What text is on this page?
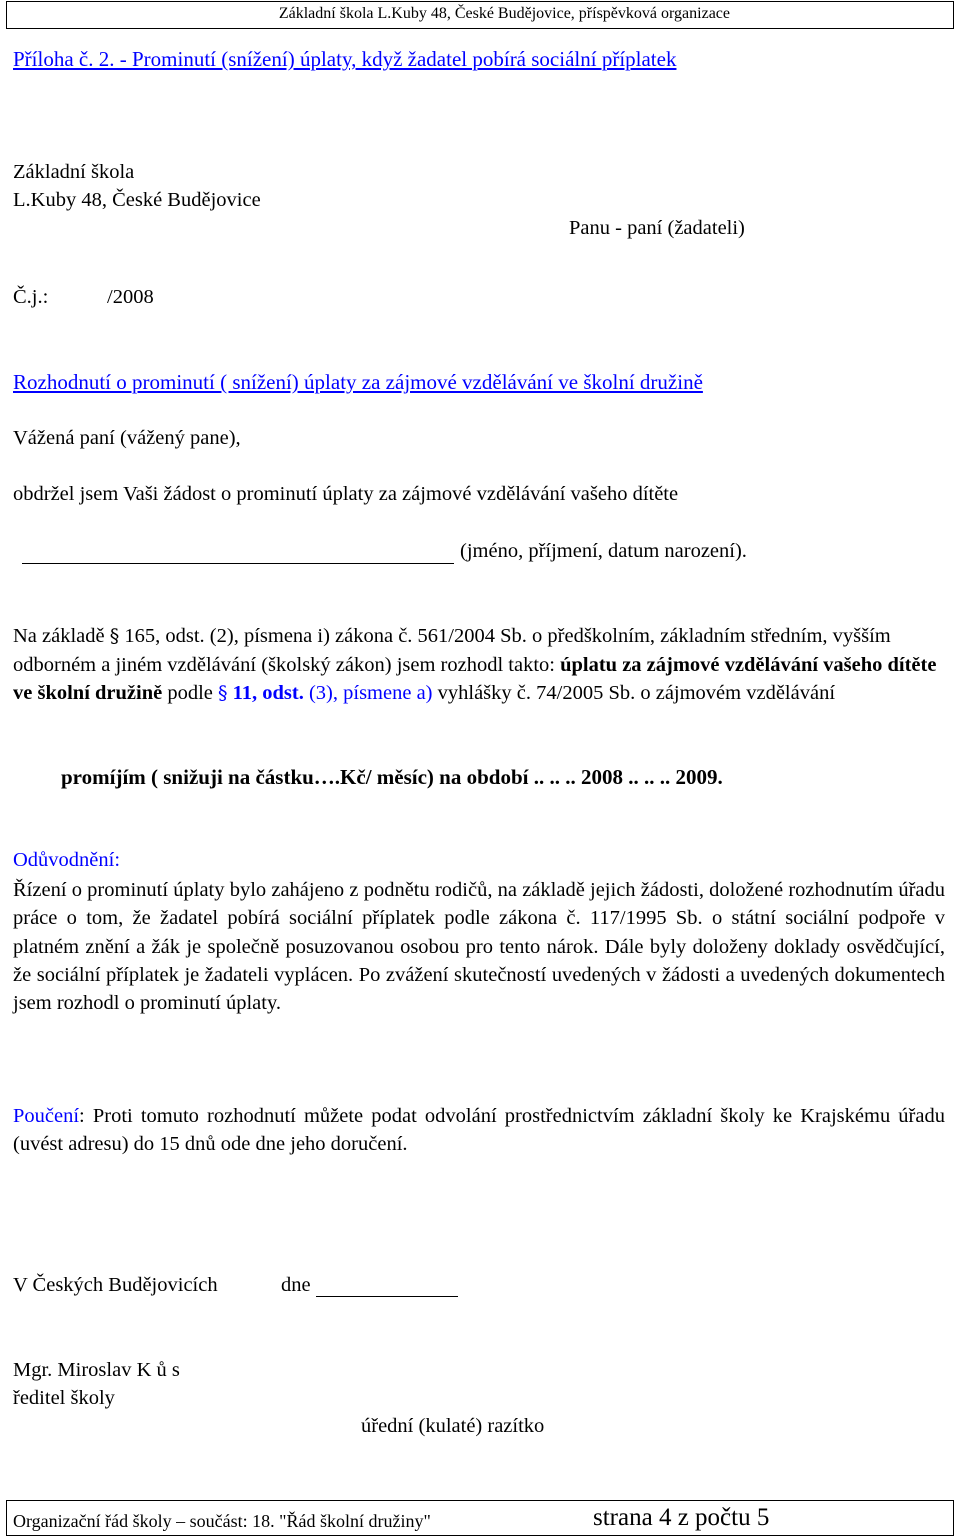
Základní škola L.Kuby 48, České Budějovice, příspěvková organizace
Příloha č. 2. - Prominutí (snížení) úplaty, když žadatel pobírá sociální příplatek
Základní škola
L.Kuby 48, České Budějovice
Panu - paní (žadateli)
Č.j.:	/2008
Rozhodnutí o prominutí ( snížení) úplaty za zájmové vzdělávání ve školní družině
Vážená paní (vážený pane),
obdržel jsem Vaši žádost o prominutí úplaty za zájmové vzdělávání vašeho dítěte
(jméno, příjmení, datum narození).
Na základě § 165, odst. (2), písmena i) zákona č. 561/2004 Sb. o předškolním, základním středním, vyšším odborném a jiném vzdělávání (školský zákon) jsem rozhodl takto: úplatu za zájmové vzdělávání vašeho dítěte ve školní družině podle § 11, odst. (3), písmene a) vyhlášky č. 74/2005 Sb. o zájmovém vzdělávání
promíjím ( snižuji na částku….Kč/ měsíc) na období .. .. .. 2008 .. .. .. 2009.
Odůvodnění:
Řízení o prominutí úplaty bylo zahájeno z podnětu rodičů, na základě jejich žádosti, doložené rozhodnutím úřadu práce o tom, že žadatel pobírá sociální příplatek podle zákona č. 117/1995 Sb. o státní sociální podpoře v platném znění a žák je společně posuzovanou osobou pro tento nárok. Dále byly doloženy doklady osvědčující, že sociální příplatek je žadateli vyplácen. Po zvážení skutečností uvedených v žádosti a uvedených dokumentech jsem rozhodl o prominutí úplaty.
Poučení: Proti tomuto rozhodnutí můžete podat odvolání prostřednictvím základní školy ke Krajskému úřadu (uvést adresu) do 15 dnů ode dne jeho doručení.
V Českých Budějovicích	dne
Mgr. Miroslav K ů s
ředitel školy
úřední (kulaté) razítko
Organizační řád školy – součást: 18. "Řád školní družiny"	strana 4 z počtu 5
